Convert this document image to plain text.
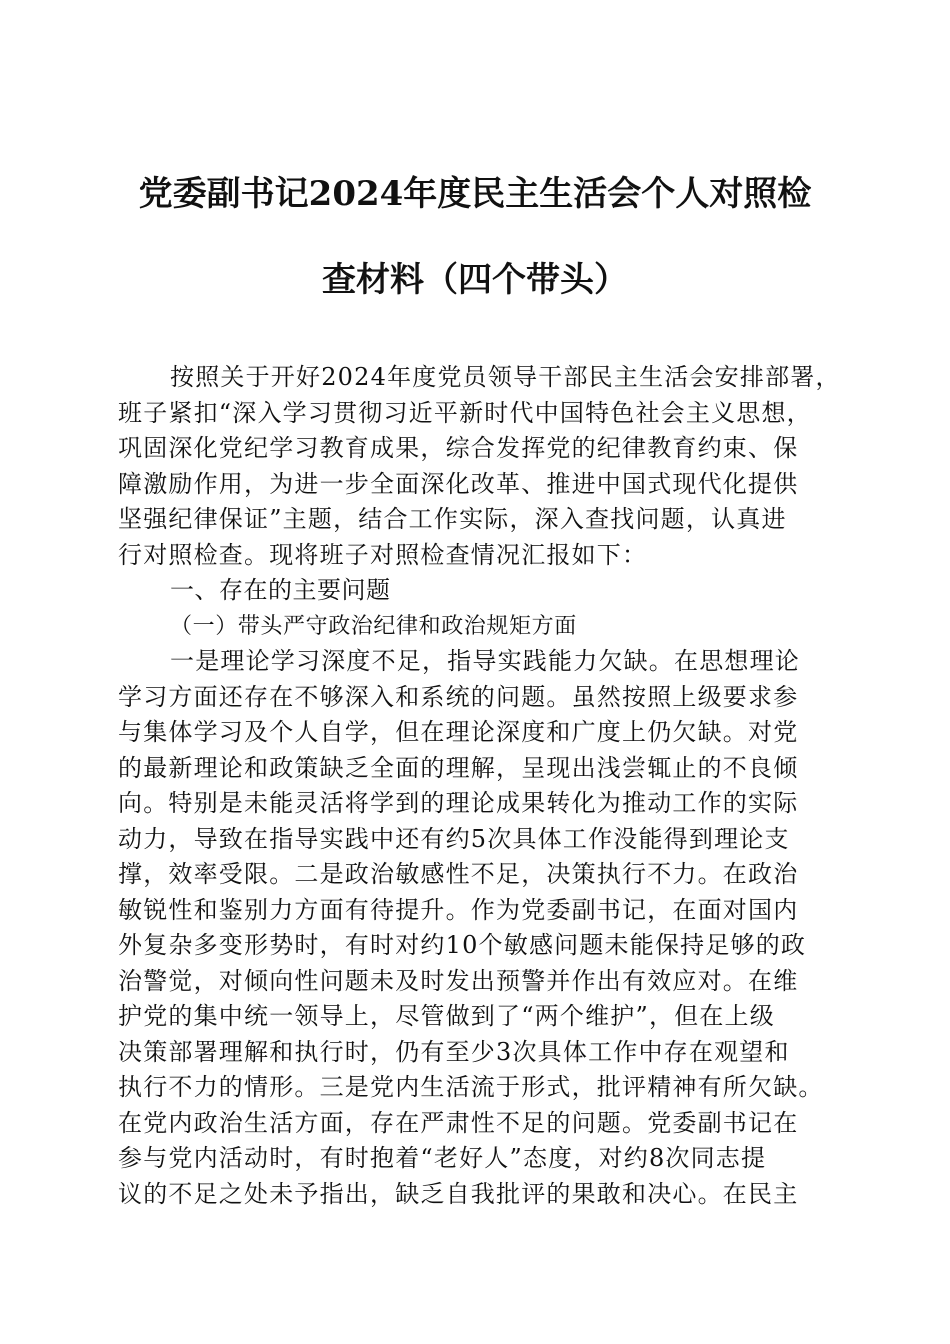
党委副书记2024年度民主生活会个人对照检
查材料（四个带头）
按照关于开好2024年度党员领导干部民主生活会安排部署，
班子紧扣“深入学习贯彻习近平新时代中国特色社会主义思想，
巩固深化党纪学习教育成果，综合发挥党的纪律教育约束、保
障激励作用，为进一步全面深化改革、推进中国式现代化提供
坚强纪律保证”主题，结合工作实际，深入查找问题，认真进
行对照检查。现将班子对照检查情况汇报如下：
一、存在的主要问题
（一）带头严守政治纪律和政治规矩方面
一是理论学习深度不足，指导实践能力欠缺。在思想理论
学习方面还存在不够深入和系统的问题。虽然按照上级要求参
与集体学习及个人自学，但在理论深度和广度上仍欠缺。对党
的最新理论和政策缺乏全面的理解，呈现出浅尝辄止的不良倾
向。特别是未能灵活将学到的理论成果转化为推动工作的实际
动力，导致在指导实践中还有约5次具体工作没能得到理论支
撑，效率受限。二是政治敏感性不足，决策执行不力。在政治
敏锐性和鉴别力方面有待提升。作为党委副书记，在面对国内
外复杂多变形势时，有时对约10个敏感问题未能保持足够的政
治警觉，对倾向性问题未及时发出预警并作出有效应对。在维
护党的集中统一领导上，尽管做到了“两个维护”，但在上级
决策部署理解和执行时，仍有至少3次具体工作中存在观望和
执行不力的情形。三是党内生活流于形式，批评精神有所欠缺。
在党内政治生活方面，存在严肃性不足的问题。党委副书记在
参与党内活动时，有时抱着“老好人”态度，对约8次同志提
议的不足之处未予指出，缺乏自我批评的果敢和决心。在民主
